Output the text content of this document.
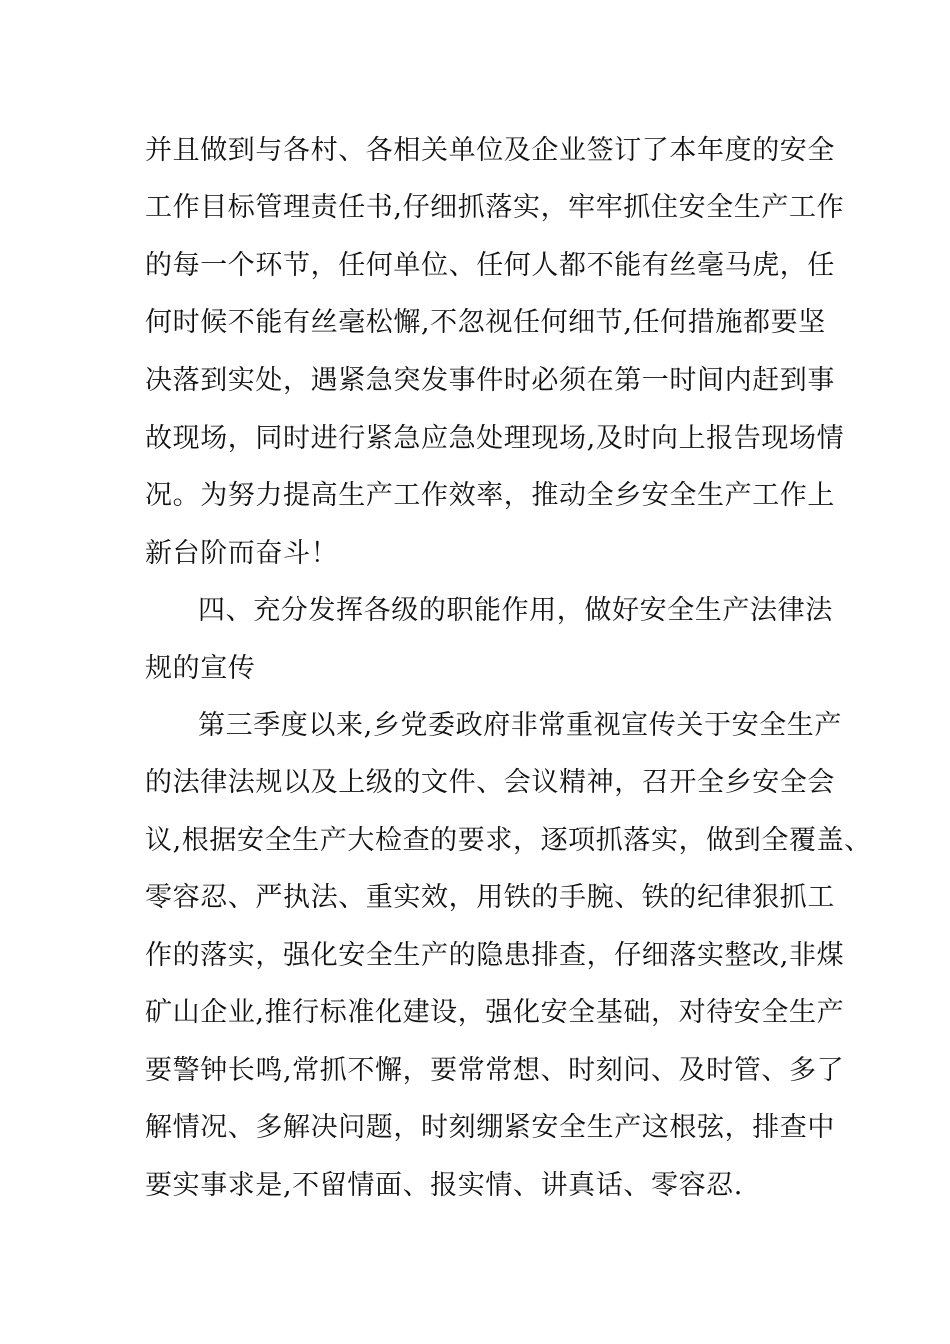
并且做到与各村、各相关单位及企业签订了本年度的安全
工作目标管理责任书,仔细抓落实，牢牢抓住安全生产工作
的每一个环节，任何单位、任何人都不能有丝毫马虎，任
何时候不能有丝毫松懈,不忽视任何细节,任何措施都要坚
决落到实处，遇紧急突发事件时必须在第一时间内赶到事
故现场，同时进行紧急应急处理现场,及时向上报告现场情
况。为努力提高生产工作效率，推动全乡安全生产工作上
新台阶而奋斗！
四、充分发挥各级的职能作用，做好安全生产法律法
规的宣传
第三季度以来,乡党委政府非常重视宣传关于安全生产
的法律法规以及上级的文件、会议精神，召开全乡安全会
议,根据安全生产大检查的要求，逐项抓落实，做到全覆盖、
零容忍、严执法、重实效，用铁的手腕、铁的纪律狠抓工
作的落实，强化安全生产的隐患排查，仔细落实整改,非煤
矿山企业,推行标准化建设，强化安全基础，对待安全生产
要警钟长鸣,常抓不懈，要常常想、时刻问、及时管、多了
解情况、多解决问题，时刻绷紧安全生产这根弦，排查中
要实事求是,不留情面、报实情、讲真话、零容忍.
